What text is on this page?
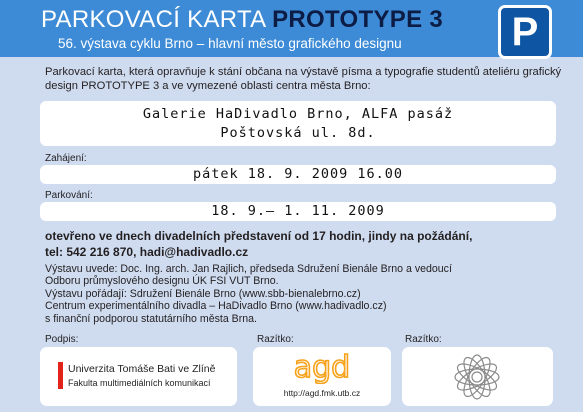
PARKOVACÍ KARTA PROTOTYPE 3
56. výstava cyklu Brno – hlavní město grafického designu	P
Parkovací karta, která opravňuje k stání občana na výstavě písma a typografie studentů ateliéru grafický design PROTOTYPE 3 a ve vymezené oblasti centra města Brno:
Galerie HaDivadlo Brno, ALFA pasáž
Poštovská ul. 8d.
Zahájení:
pátek 18. 9. 2009 16.00
Parkování:
18. 9.– 1. 11. 2009
otevřeno ve dnech divadelních představení od 17 hodin, jindy na požádání,
tel: 542 216 870, hadi@hadivadlo.cz
Výstavu uvede: Doc. Ing. arch. Jan Rajlich, předseda Sdružení Bienále Brno a vedoucí
Odboru průmyslového designu ÚK FSI VUT Brno.
Výstavu pořádají: Sdružení Bienále Brno (www.sbb-bienalebrno.cz)
Centrum experimentálního divadla – HaDivadlo Brno (www.hadivadlo.cz)
s finanční podporou statutárního města Brna.
Podpis:	Razítko:	Razítko:
Univerzita Tomáše Bati ve Zlíně
Fakulta multimediálních komunikací	agd
http://agd.fmk.utb.cz
